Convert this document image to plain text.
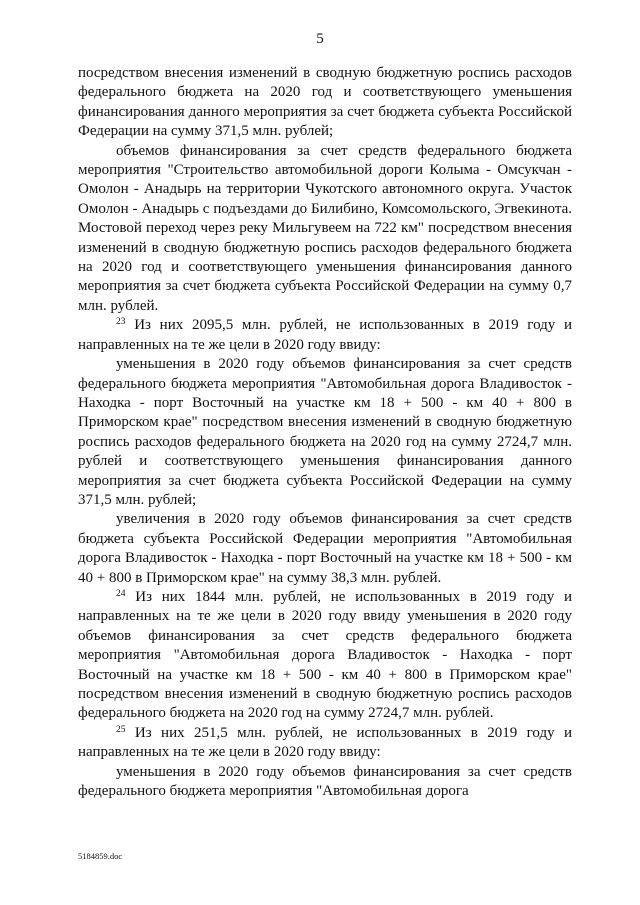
5

посредством внесения изменений в сводную бюджетную роспись расходов федерального бюджета на 2020 год и соответствующего уменьшения финансирования данного мероприятия за счет бюджета субъекта Российской Федерации на сумму 371,5 млн. рублей;

объемов финансирования за счет средств федерального бюджета мероприятия "Строительство автомобильной дороги Колыма - Омсукчан - Омолон - Анадырь на территории Чукотского автономного округа. Участок Омолон - Анадырь с подъездами до Билибино, Комсомольского, Эгвекинота. Мостовой переход через реку Мильгувеем на 722 км" посредством внесения изменений в сводную бюджетную роспись расходов федерального бюджета на 2020 год и соответствующего уменьшения финансирования данного мероприятия за счет бюджета субъекта Российской Федерации на сумму 0,7 млн. рублей.

$^{23}$ Из них 2095,5 млн. рублей, не использованных в 2019 году и направленных на те же цели в 2020 году ввиду:

уменьшения в 2020 году объемов финансирования за счет средств федерального бюджета мероприятия "Автомобильная дорога Владивосток - Находка - порт Восточный на участке км 18 + 500 - км 40 + 800 в Приморском крае" посредством внесения изменений в сводную бюджетную роспись расходов федерального бюджета на 2020 год на сумму 2724,7 млн. рублей и соответствующего уменьшения финансирования данного мероприятия за счет бюджета субъекта Российской Федерации на сумму 371,5 млн. рублей;

увеличения в 2020 году объемов финансирования за счет средств бюджета субъекта Российской Федерации мероприятия "Автомобильная дорога Владивосток - Находка - порт Восточный на участке км 18 + 500 - км 40 + 800 в Приморском крае" на сумму 38,3 млн. рублей.

$^{24}$ Из них 1844 млн. рублей, не использованных в 2019 году и направленных на те же цели в 2020 году ввиду уменьшения в 2020 году объемов финансирования за счет средств федерального бюджета мероприятия "Автомобильная дорога Владивосток - Находка - порт Восточный на участке км 18 + 500 - км 40 + 800 в Приморском крае" посредством внесения изменений в сводную бюджетную роспись расходов федерального бюджета на 2020 год на сумму 2724,7 млн. рублей.

$^{25}$ Из них 251,5 млн. рублей, не использованных в 2019 году и направленных на те же цели в 2020 году ввиду:

уменьшения в 2020 году объемов финансирования за счет средств федерального бюджета мероприятия "Автомобильная дорога

5184859.doc
